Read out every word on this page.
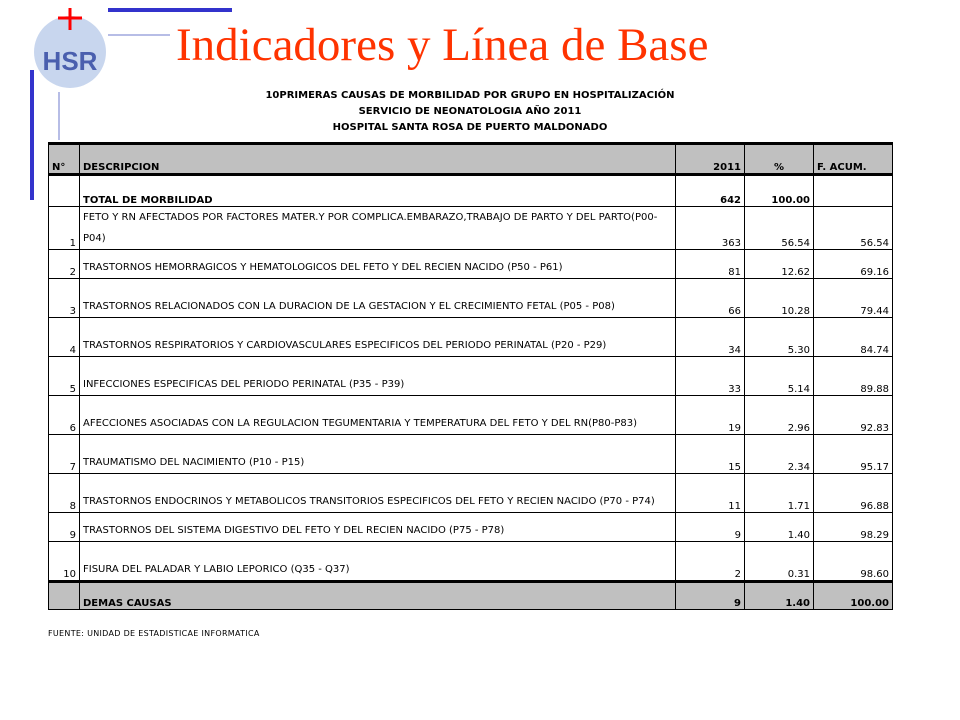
HSR Indicadores y Línea de Base
10PRIMERAS CAUSAS DE MORBILIDAD POR GRUPO EN HOSPITALIZACIÓN
SERVICIO DE NEONATOLOGIA AÑO 2011
HOSPITAL SANTA ROSA DE PUERTO MALDONADO
N°	DESCRIPCION	2011	%	F. ACUM.
	TOTAL DE MORBILIDAD	642	100.00	
1	FETO Y RN AFECTADOS POR FACTORES MATER.Y POR COMPLICA.EMBARAZO,TRABAJO DE PARTO Y DEL PARTO(P00-P04)	363	56.54	56.54
2	TRASTORNOS HEMORRAGICOS Y HEMATOLOGICOS DEL FETO Y DEL RECIEN NACIDO (P50 - P61)	81	12.62	69.16
3	TRASTORNOS RELACIONADOS CON LA DURACION DE LA GESTACION Y EL CRECIMIENTO FETAL (P05 - P08)	66	10.28	79.44
4	TRASTORNOS RESPIRATORIOS Y CARDIOVASCULARES ESPECIFICOS DEL PERIODO PERINATAL (P20 - P29)	34	5.30	84.74
5	INFECCIONES ESPECIFICAS DEL PERIODO PERINATAL (P35 - P39)	33	5.14	89.88
6	AFECCIONES ASOCIADAS CON LA REGULACION TEGUMENTARIA Y TEMPERATURA DEL FETO Y DEL RN(P80-P83)	19	2.96	92.83
7	TRAUMATISMO DEL NACIMIENTO (P10 - P15)	15	2.34	95.17
8	TRASTORNOS ENDOCRINOS Y METABOLICOS TRANSITORIOS ESPECIFICOS DEL FETO Y RECIEN NACIDO (P70 - P74)	11	1.71	96.88
9	TRASTORNOS DEL SISTEMA DIGESTIVO DEL FETO Y DEL RECIEN NACIDO (P75 - P78)	9	1.40	98.29
10	FISURA DEL PALADAR Y LABIO LEPORICO (Q35 - Q37)	2	0.31	98.60
	DEMAS CAUSAS	9	1.40	100.00
FUENTE: UNIDAD DE ESTADISTICAE INFORMATICA
